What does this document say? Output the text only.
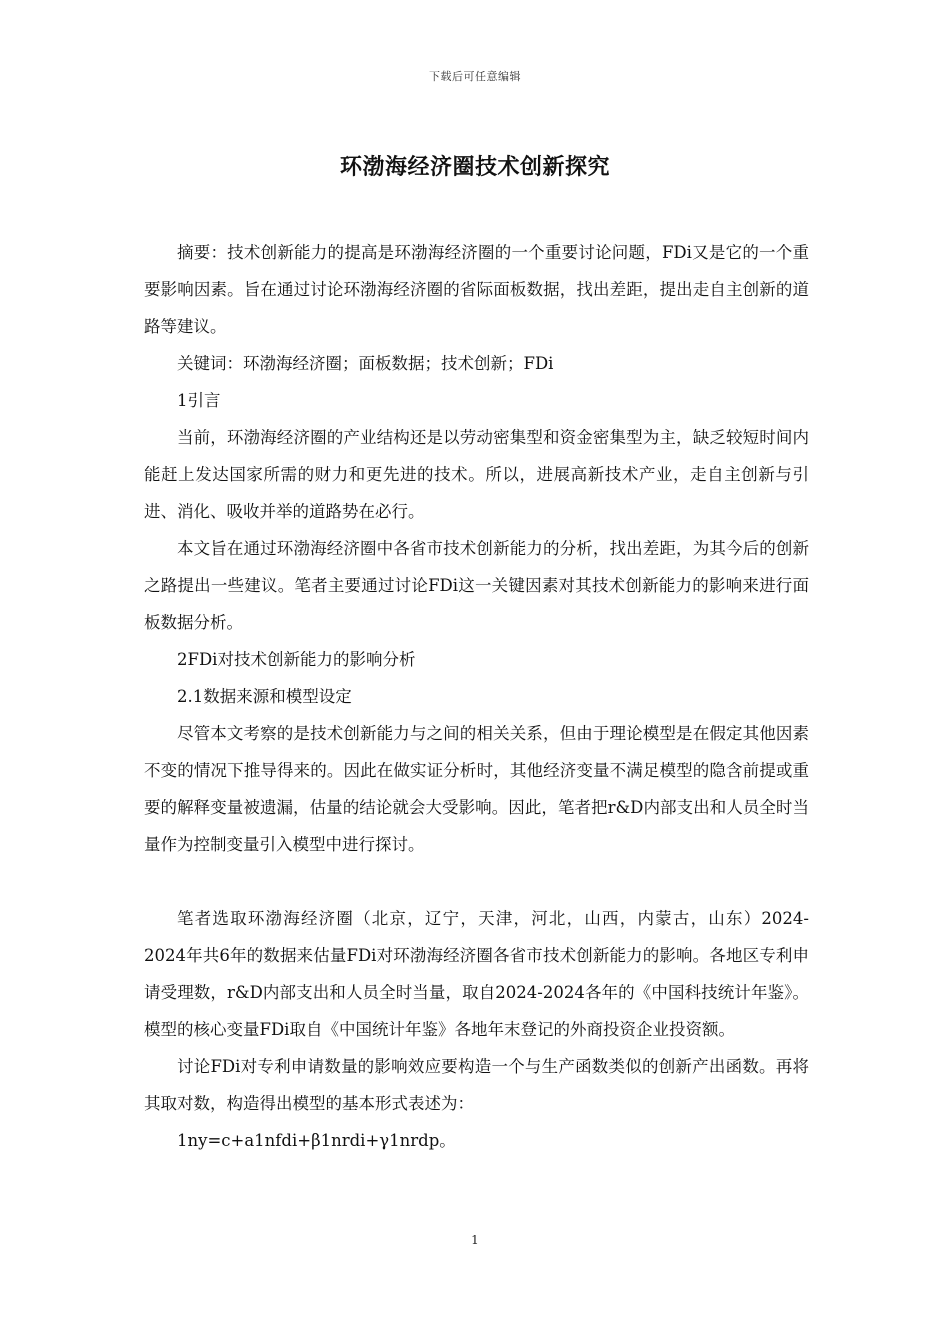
下载后可任意编辑
环渤海经济圈技术创新探究

摘要：技术创新能力的提高是环渤海经济圈的一个重要讨论问题，FDi又是它的一个重要影响因素。旨在通过讨论环渤海经济圈的省际面板数据，找出差距，提出走自主创新的道路等建议。

关键词：环渤海经济圈；面板数据；技术创新；FDi

1引言

当前，环渤海经济圈的产业结构还是以劳动密集型和资金密集型为主，缺乏较短时间内能赶上发达国家所需的财力和更先进的技术。所以，进展高新技术产业，走自主创新与引进、消化、吸收并举的道路势在必行。

本文旨在通过环渤海经济圈中各省市技术创新能力的分析，找出差距，为其今后的创新之路提出一些建议。笔者主要通过讨论FDi这一关键因素对其技术创新能力的影响来进行面板数据分析。

2FDi对技术创新能力的影响分析

2.1数据来源和模型设定

尽管本文考察的是技术创新能力与之间的相关关系，但由于理论模型是在假定其他因素不变的情况下推导得来的。因此在做实证分析时，其他经济变量不满足模型的隐含前提或重要的解释变量被遗漏，估量的结论就会大受影响。因此，笔者把r&D内部支出和人员全时当量作为控制变量引入模型中进行探讨。

笔者选取环渤海经济圈（北京，辽宁，天津，河北，山西，内蒙古，山东）2024-2024年共6年的数据来估量FDi对环渤海经济圈各省市技术创新能力的影响。各地区专利申请受理数，r&D内部支出和人员全时当量，取自2024-2024各年的《中国科技统计年鉴》。模型的核心变量FDi取自《中国统计年鉴》各地年末登记的外商投资企业投资额。

讨论FDi对专利申请数量的影响效应要构造一个与生产函数类似的创新产出函数。再将其取对数，构造得出模型的基本形式表述为：

1ny=c+a1nfdi+β1nrdi+γ1nrdp。

1
